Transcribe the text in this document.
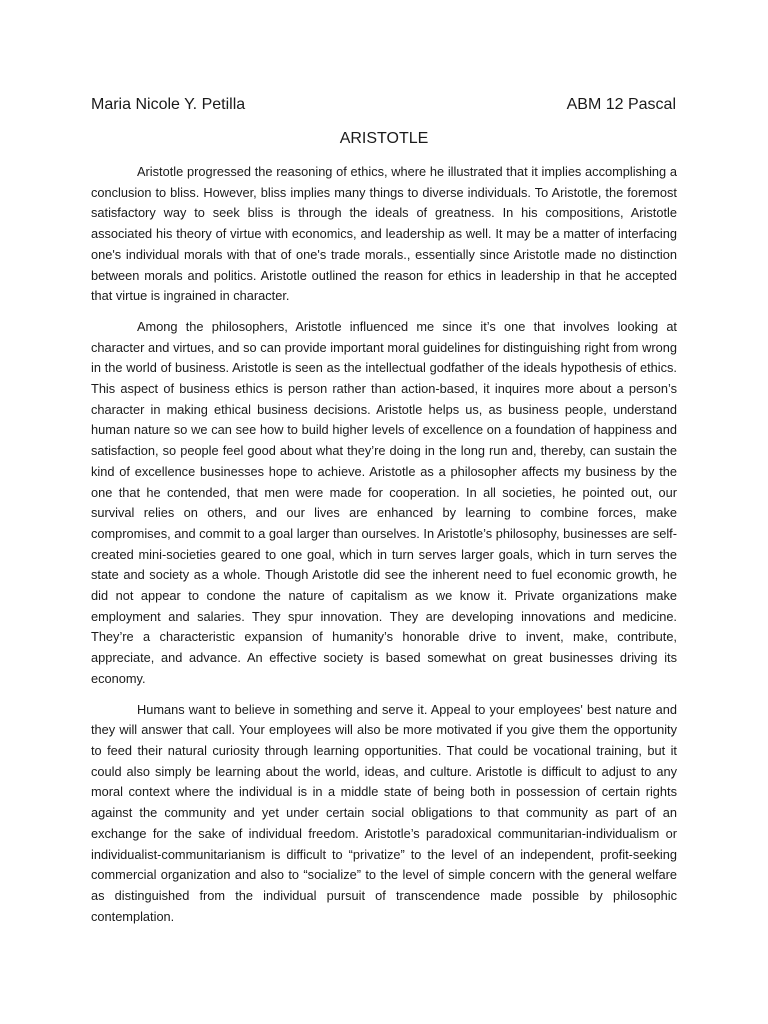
Maria Nicole Y. Petilla	ABM 12 Pascal
ARISTOTLE

Aristotle progressed the reasoning of ethics, where he illustrated that it implies accomplishing a conclusion to bliss. However, bliss implies many things to diverse individuals. To Aristotle, the foremost satisfactory way to seek bliss is through the ideals of greatness. In his compositions, Aristotle associated his theory of virtue with economics, and leadership as well. It may be a matter of interfacing one's individual morals with that of one's trade morals., essentially since Aristotle made no distinction between morals and politics. Aristotle outlined the reason for ethics in leadership in that he accepted that virtue is ingrained in character.

Among the philosophers, Aristotle influenced me since it’s one that involves looking at character and virtues, and so can provide important moral guidelines for distinguishing right from wrong in the world of business. Aristotle is seen as the intellectual godfather of the ideals hypothesis of ethics. This aspect of business ethics is person rather than action-based, it inquires more about a person’s character in making ethical business decisions. Aristotle helps us, as business people, understand human nature so we can see how to build higher levels of excellence on a foundation of happiness and satisfaction, so people feel good about what they’re doing in the long run and, thereby, can sustain the kind of excellence businesses hope to achieve. Aristotle as a philosopher affects my business by the one that he contended, that men were made for cooperation. In all societies, he pointed out, our survival relies on others, and our lives are enhanced by learning to combine forces, make compromises, and commit to a goal larger than ourselves. In Aristotle’s philosophy, businesses are self-created mini-societies geared to one goal, which in turn serves larger goals, which in turn serves the state and society as a whole. Though Aristotle did see the inherent need to fuel economic growth, he did not appear to condone the nature of capitalism as we know it. Private organizations make employment and salaries. They spur innovation. They are developing innovations and medicine. They’re a characteristic expansion of humanity’s honorable drive to invent, make, contribute, appreciate, and advance. An effective society is based somewhat on great businesses driving its economy.

Humans want to believe in something and serve it. Appeal to your employees' best nature and they will answer that call. Your employees will also be more motivated if you give them the opportunity to feed their natural curiosity through learning opportunities. That could be vocational training, but it could also simply be learning about the world, ideas, and culture. Aristotle is difficult to adjust to any moral context where the individual is in a middle state of being both in possession of certain rights against the community and yet under certain social obligations to that community as part of an exchange for the sake of individual freedom. Aristotle’s paradoxical communitarian-individualism or individualist-communitarianism is difficult to “privatize” to the level of an independent, profit-seeking commercial organization and also to “socialize” to the level of simple concern with the general welfare as distinguished from the individual pursuit of transcendence made possible by philosophic contemplation.
